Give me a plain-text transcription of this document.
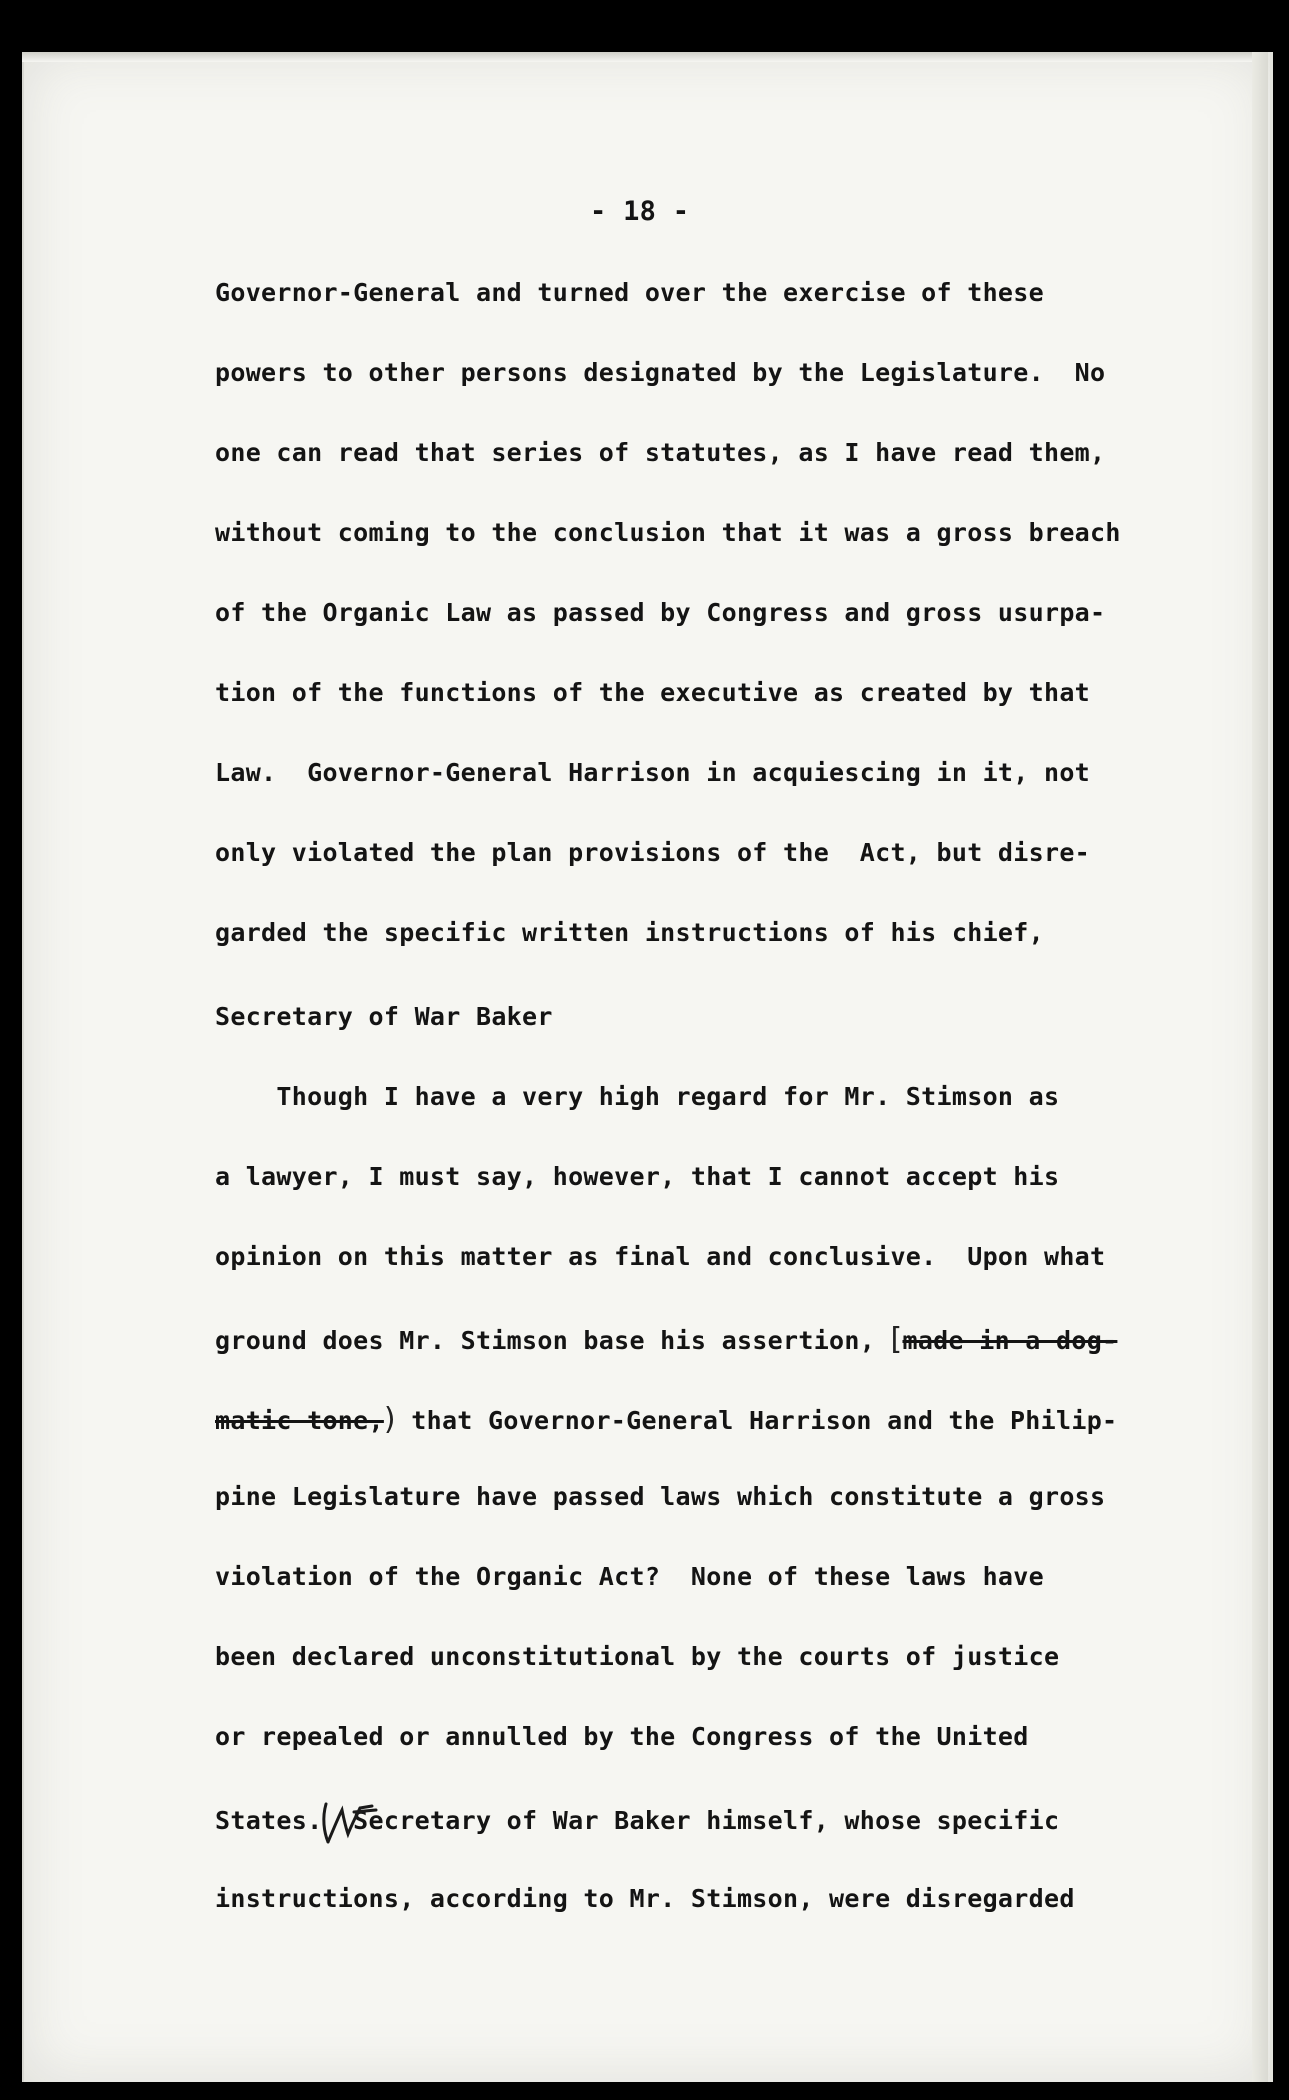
- 18 -

Governor-General and turned over the exercise of these

powers to other persons designated by the Legislature.  No

one can read that series of statutes, as I have read them,

without coming to the conclusion that it was a gross breach

of the Organic Law as passed by Congress and gross usurpa-

tion of the functions of the executive as created by that

Law.  Governor-General Harrison in acquiescing in it, not

only violated the plan provisions of the  Act, but disre-

garded the specific written instructions of his chief,

Secretary of War Baker

Though I have a very high regard for Mr. Stimson as

a lawyer, I must say, however, that I cannot accept his

opinion on this matter as final and conclusive.  Upon what

ground does Mr. Stimson base his assertion, [made in a dog-

matic tone,) that Governor-General Harrison and the Philip-

pine Legislature have passed laws which constitute a gross

violation of the Organic Act?  None of these laws have

been declared unconstitutional by the courts of justice

or repealed or annulled by the Congress of the United

States. Secretary of War Baker himself, whose specific

instructions, according to Mr. Stimson, were disregarded
